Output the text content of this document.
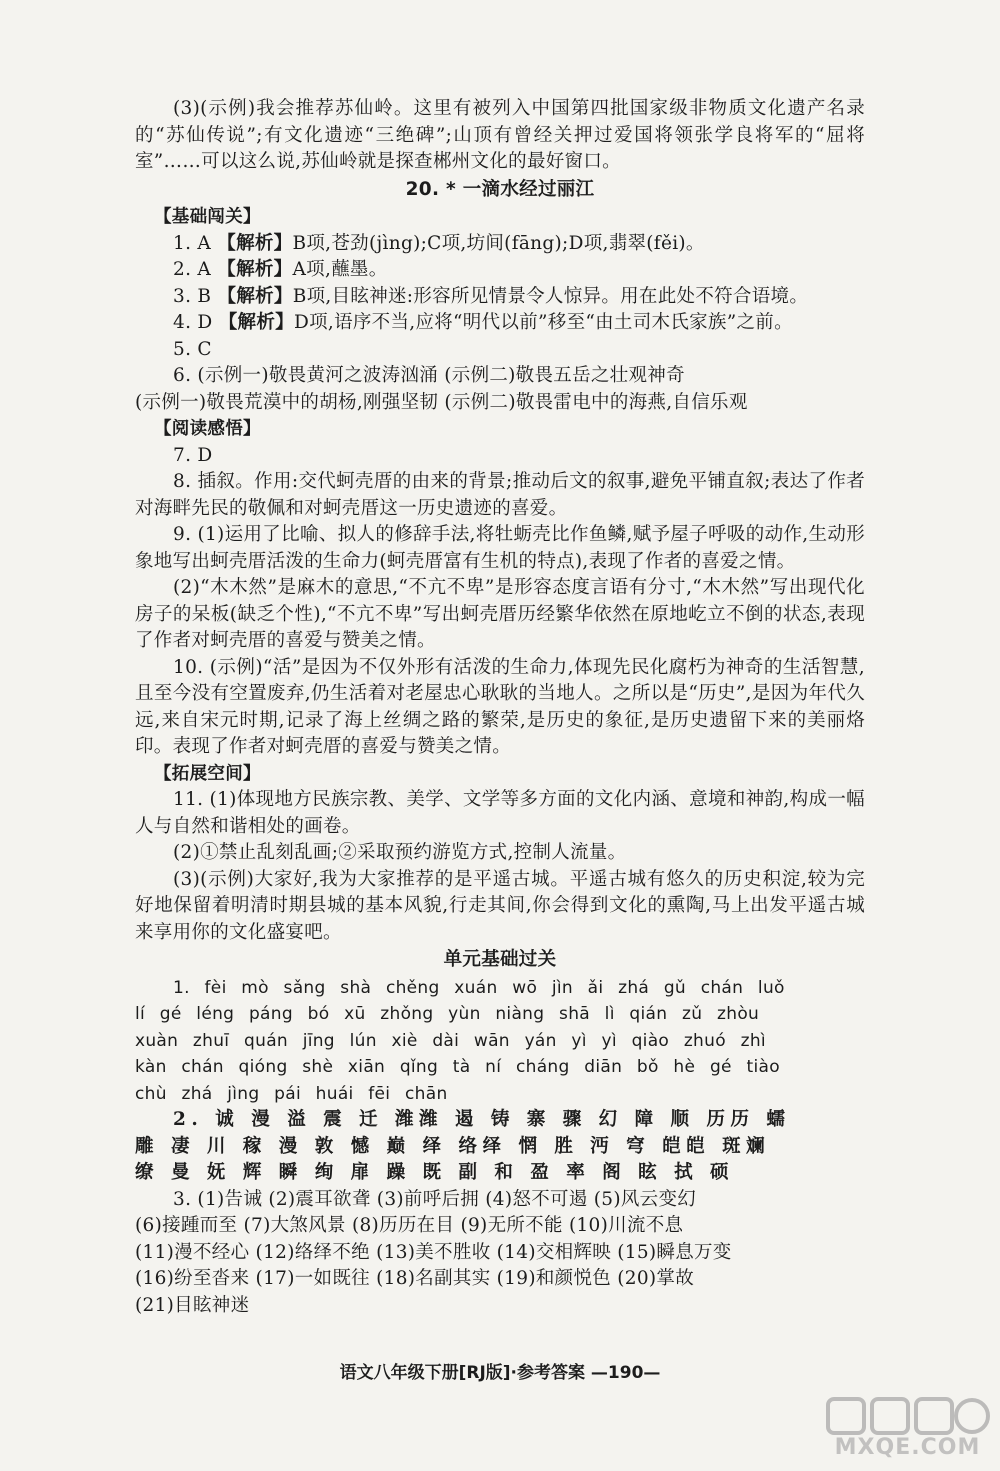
(3)(示例)我会推荐苏仙岭。这里有被列入中国第四批国家级非物质文化遗产名录的“苏仙传说”;有文化遗迹“三绝碑”;山顶有曾经关押过爱国将领张学良将军的“屈将室”……可以这么说,苏仙岭就是探查郴州文化的最好窗口。

20. * 一滴水经过丽江

【基础闯关】

1. A 【解析】B项,苍劲(jìng);C项,坊间(fāng);D项,翡翠(fěi)。

2. A 【解析】A项,蘸墨。

3. B 【解析】B项,目眩神迷:形容所见情景令人惊异。用在此处不符合语境。

4. D 【解析】D项,语序不当,应将“明代以前”移至“由土司木氏家族”之前。

5. C

6. (示例一)敬畏黄河之波涛汹涌 (示例二)敬畏五岳之壮观神奇

(示例一)敬畏荒漠中的胡杨,刚强坚韧 (示例二)敬畏雷电中的海燕,自信乐观

【阅读感悟】

7. D

8. 插叙。作用:交代蚵壳厝的由来的背景;推动后文的叙事,避免平铺直叙;表达了作者对海畔先民的敬佩和对蚵壳厝这一历史遗迹的喜爱。

9. (1)运用了比喻、拟人的修辞手法,将牡蛎壳比作鱼鳞,赋予屋子呼吸的动作,生动形象地写出蚵壳厝活泼的生命力(蚵壳厝富有生机的特点),表现了作者的喜爱之情。

(2)“木木然”是麻木的意思,“不亢不卑”是形容态度言语有分寸,“木木然”写出现代化房子的呆板(缺乏个性),“不亢不卑”写出蚵壳厝历经繁华依然在原地屹立不倒的状态,表现了作者对蚵壳厝的喜爱与赞美之情。

10. (示例)“活”是因为不仅外形有活泼的生命力,体现先民化腐朽为神奇的生活智慧,且至今没有空置废弃,仍生活着对老屋忠心耿耿的当地人。之所以是“历史”,是因为年代久远,来自宋元时期,记录了海上丝绸之路的繁荣,是历史的象征,是历史遗留下来的美丽烙印。表现了作者对蚵壳厝的喜爱与赞美之情。

【拓展空间】

11. (1)体现地方民族宗教、美学、文学等多方面的文化内涵、意境和神韵,构成一幅人与自然和谐相处的画卷。

(2)①禁止乱刻乱画;②采取预约游览方式,控制人流量。

(3)(示例)大家好,我为大家推荐的是平遥古城。平遥古城有悠久的历史积淀,较为完好地保留着明清时期县城的基本风貌,行走其间,你会得到文化的熏陶,马上出发平遥古城来享用你的文化盛宴吧。

单元基础过关

1. fèi mò sǎng shà chěng xuán wō jìn ǎi zhá gǔ chán luǒ

lí gé léng páng bó xū zhǒng yùn niàng shā lì qián zǔ zhòu

xuàn zhuī quán jīng lún xiè dài wān yán yì yì qiào zhuó zhì

kàn chán qióng shè xiān qǐng tà ní cháng diān bǒ hè gé tiào

chù zhá jìng pái huái fēi chān

2. 诚 漫 溢 震 迁 潍潍 遏 铸 寨 骤 幻 障 顺 历历 蠕

雕 凄 川 稼 漫 敦 憾 巅 绎 络绎 惘 胜 沔 穹 皑皑 斑斓

缭 曼 妩 辉 瞬 绚 扉 躁 既 副 和 盈 率 阁 眩 拭 硕

3. (1)告诫 (2)震耳欲聋 (3)前呼后拥 (4)怒不可遏 (5)风云变幻

(6)接踵而至 (7)大煞风景 (8)历历在目 (9)无所不能 (10)川流不息

(11)漫不经心 (12)络绎不绝 (13)美不胜收 (14)交相辉映 (15)瞬息万变

(16)纷至沓来 (17)一如既往 (18)名副其实 (19)和颜悦色 (20)掌故

(21)目眩神迷

语文八年级下册[RJ版]·参考答案 —190—
MXQE.COM
